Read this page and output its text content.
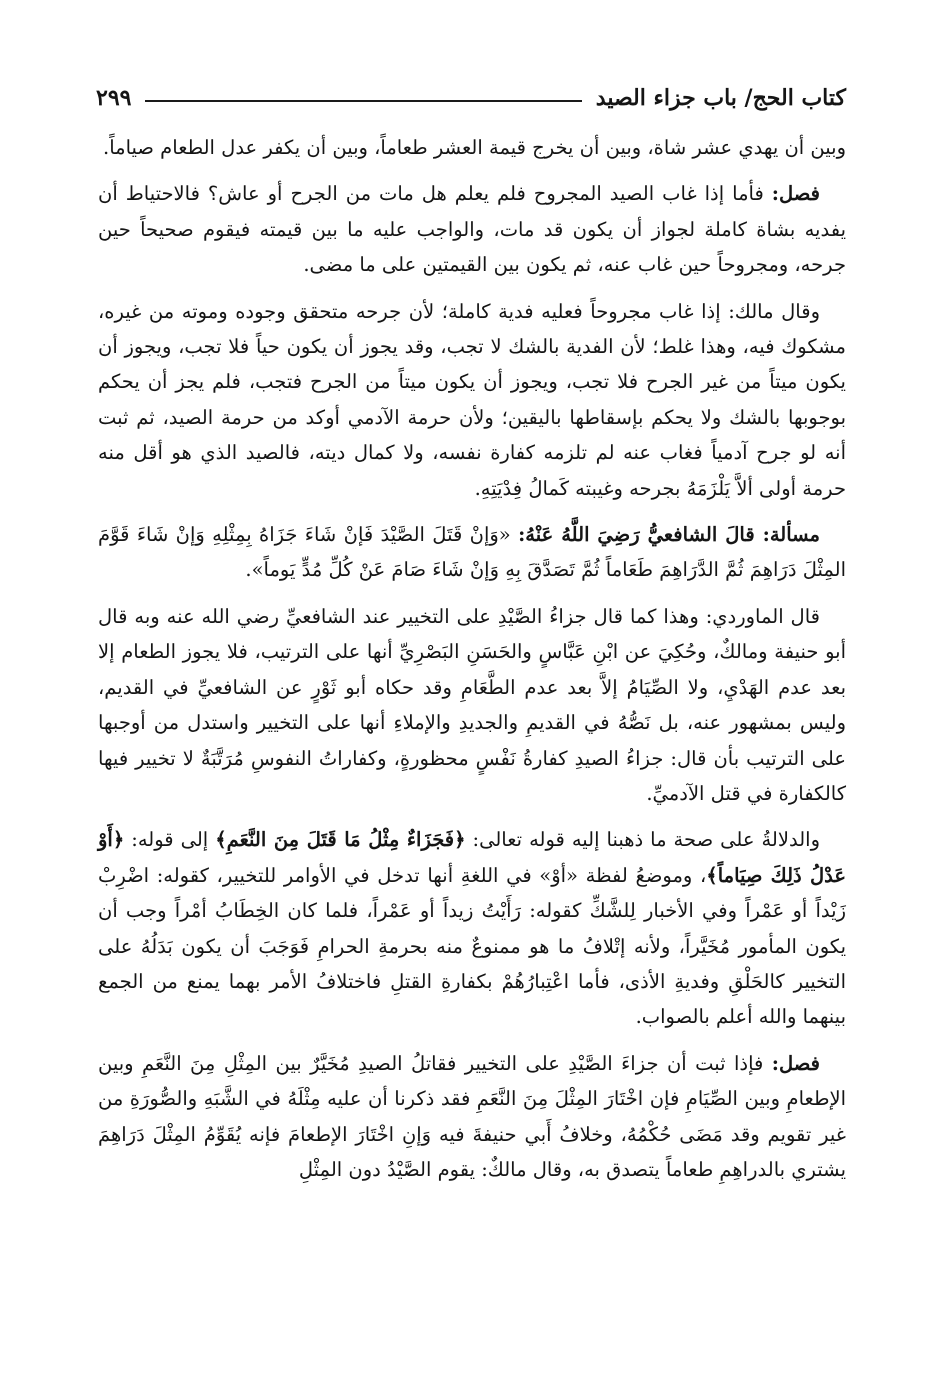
كتاب الحج/ باب جزاء الصيد
٢٩٩

وبين أن يهدي عشر شاة، وبين أن يخرج قيمة العشر طعاماً، وبين أن يكفر عدل الطعام صياماً.

فصل: فأما إذا غاب الصيد المجروح فلم يعلم هل مات من الجرح أو عاش؟ فالاحتياط أن يفديه بشاة كاملة لجواز أن يكون قد مات، والواجب عليه ما بين قيمته فيقوم صحيحاً حين جرحه، ومجروحاً حين غاب عنه، ثم يكون بين القيمتين على ما مضى.

وقال مالك: إذا غاب مجروحاً فعليه فدية كاملة؛ لأن جرحه متحقق وجوده وموته من غيره، مشكوك فيه، وهذا غلط؛ لأن الفدية بالشك لا تجب، وقد يجوز أن يكون حياً فلا تجب، ويجوز أن يكون ميتاً من غير الجرح فلا تجب، ويجوز أن يكون ميتاً من الجرح فتجب، فلم يجز أن يحكم بوجوبها بالشك ولا يحكم بإسقاطها باليقين؛ ولأن حرمة الآدمي أوكد من حرمة الصيد، ثم ثبت أنه لو جرح آدمياً فغاب عنه لم تلزمه كفارة نفسه، ولا كمال ديته، فالصيد الذي هو أقل منه حرمة أولى ألاَّ يَلْزَمَهُ بجرحه وغيبته كَمالُ فِدْيَتِهِ.

مسألة: قالَ الشافعيُّ رَضِيَ اللَّهُ عَنْهُ: «وَإنْ قَتَلَ الصَّيْدَ فَإنْ شَاءَ جَزَاهُ بِمِثْلِهِ وَإنْ شَاءَ قَوَّمَ المِثْلَ دَرَاهِمَ ثُمَّ الدَّرَاهِمَ طَعَاماً ثُمَّ تَصَدَّقَ بِهِ وَإنْ شَاءَ صَامَ عَنْ كُلِّ مُدٍّ يَوماً».

قال الماوردي: وهذا كما قال جزاءُ الصَّيْدِ على التخيير عند الشافعيِّ رضي الله عنه وبه قال أبو حنيفة ومالكٌ، وحُكِيَ عن ابْنِ عَبَّاسٍ والحَسَنِ البَصْرِيِّ أنها على الترتيب، فلا يجوز الطعام إلا بعد عدم الهَدْيِ، ولا الصِّيَامُ إلاَّ بعد عدم الطَّعَامِ وقد حكاه أبو ثَوْرٍ عن الشافعيِّ في القديم، وليس بمشهور عنه، بل نَصُّهُ في القديمِ والجديدِ والإملاءِ أنها على التخيير واستدل من أوجبها على الترتيب بأن قال: جزاءُ الصيدِ كفارةُ نَفْسٍ محظورةٍ، وكفاراتُ النفوسِ مُرَتَّبَةٌ لا تخيير فيها كالكفارة في قتل الآدميِّ.

والدلالةُ على صحة ما ذهبنا إليه قوله تعالى: ﴿فَجَزَاءٌ مِثْلُ مَا قَتَلَ مِنَ النَّعَمِ﴾ إلى قوله: ﴿أَوْ عَدْلُ ذَلِكَ صِيَاماً﴾، وموضعُ لفظة «أوْ» في اللغةِ أنها تدخل في الأوامر للتخيير، كقوله: اضْرِبْ زَيْداً أو عَمْراً وفي الأخبار لِلشَّكِّ كقوله: رَأَيْتُ زيداً أو عَمْراً، فلما كان الخِطَابُ أمْراً وجب أن يكون المأمور مُخَيَّراً، ولأنه إتْلافُ ما هو ممنوعٌ منه بحرمةِ الحرامِ فَوَجَبَ أن يكون بَدَلُهُ على التخيير كالحَلْقِ وفديةِ الأذى، فأما اعْتِبارُهُمْ بكفارةِ القتلِ فاختلافُ الأمر بهما يمنع من الجمع بينهما والله أعلم بالصواب.

فصل: فإذا ثبت أن جزاءَ الصَّيْدِ على التخيير فقاتلُ الصيدِ مُخَيَّرٌ بين المِثْلِ مِنَ النَّعَمِ وبين الإطعامِ وبين الصِّيَامِ فإن اخْتَارَ المِثْلَ مِنَ النَّعَمِ فقد ذكرنا أن عليه مِثْلَهُ في الشَّبَهِ والصُّورَةِ من غير تقويم وقد مَضَى حُكْمُهُ، وخلافُ أَبي حنيفةَ فيه وَإنِ اخْتَارَ الإطعامَ فإنه يُقَوِّمُ المِثْلَ دَرَاهِمَ يشتري بالدراهِمِ طعاماً يتصدق به، وقال مالكٌ: يقوم الصَّيْدُ دون المِثْلِ
